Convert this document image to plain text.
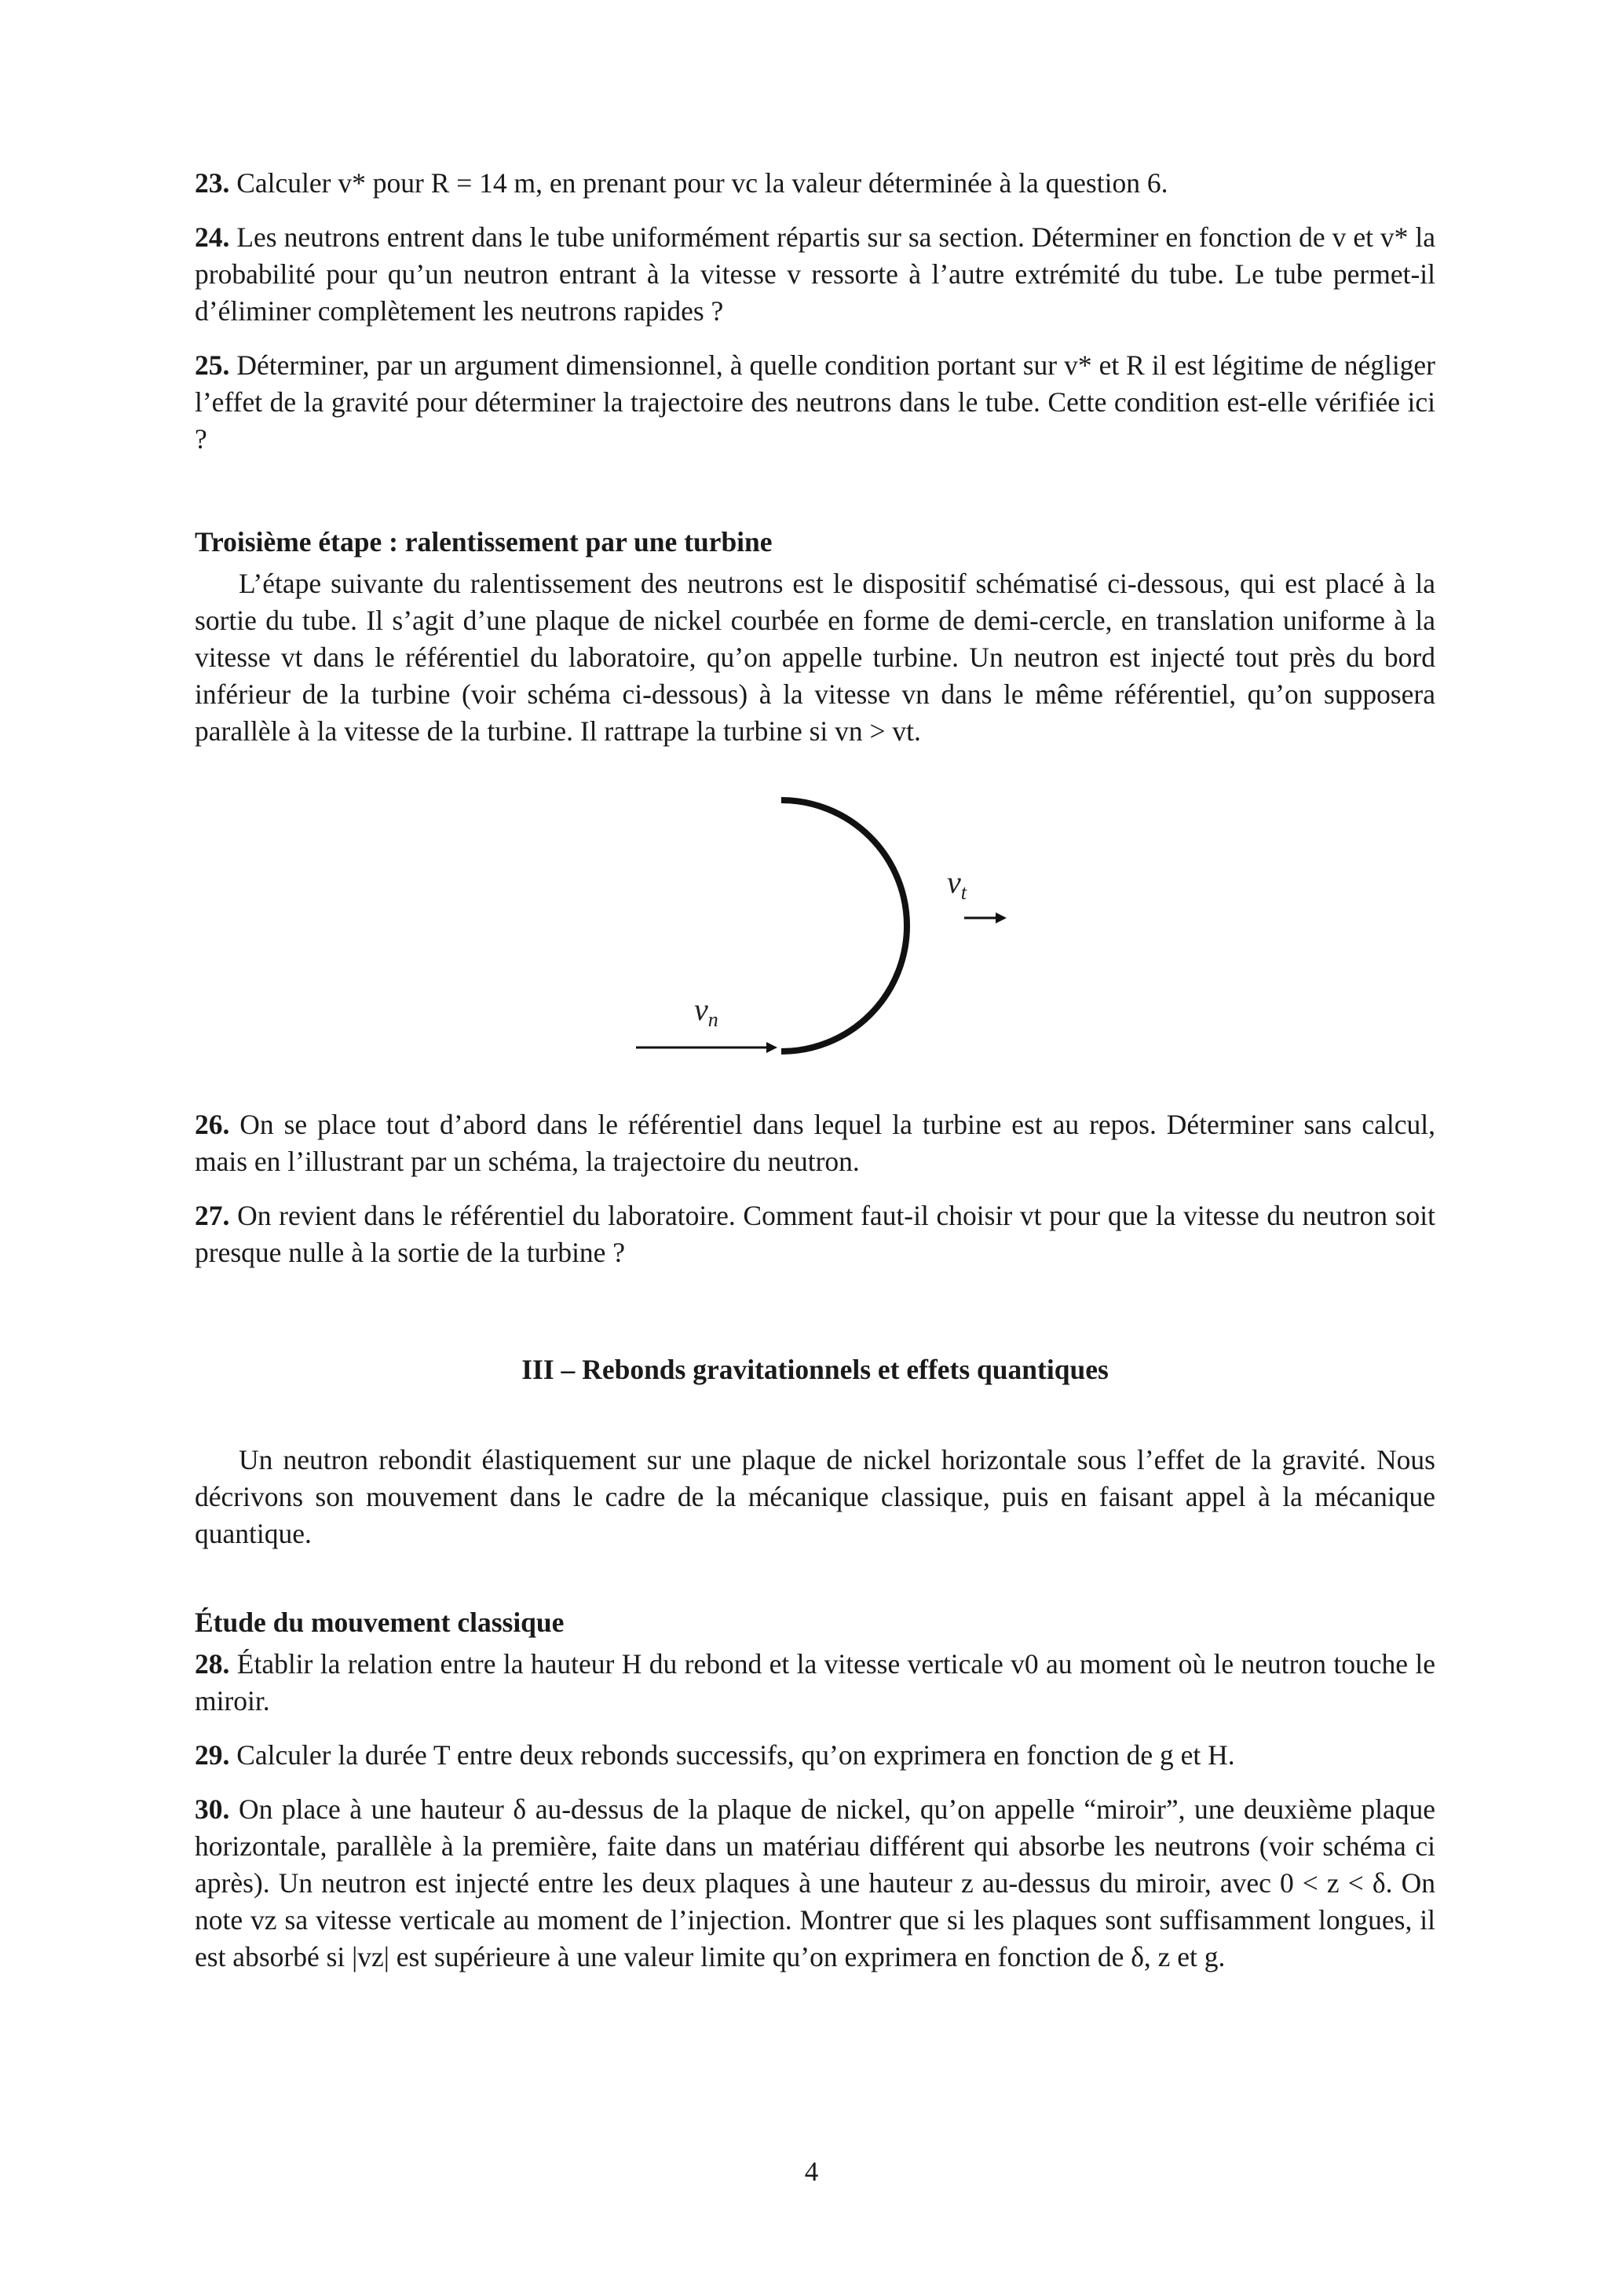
23. Calculer v* pour R = 14 m, en prenant pour vc la valeur déterminée à la question 6.

24. Les neutrons entrent dans le tube uniformément répartis sur sa section. Déterminer en fonction de v et v* la probabilité pour qu’un neutron entrant à la vitesse v ressorte à l’autre extrémité du tube. Le tube permet-il d’éliminer complètement les neutrons rapides ?

25. Déterminer, par un argument dimensionnel, à quelle condition portant sur v* et R il est légitime de négliger l’effet de la gravité pour déterminer la trajectoire des neutrons dans le tube. Cette condition est-elle vérifiée ici ?

Troisième étape : ralentissement par une turbine

L’étape suivante du ralentissement des neutrons est le dispositif schématisé ci-dessous, qui est placé à la sortie du tube. Il s’agit d’une plaque de nickel courbée en forme de demi-cercle, en translation uniforme à la vitesse vt dans le référentiel du laboratoire, qu’on appelle turbine. Un neutron est injecté tout près du bord inférieur de la turbine (voir schéma ci-dessous) à la vitesse vn dans le même référentiel, qu’on supposera parallèle à la vitesse de la turbine. Il rattrape la turbine si vn > vt.

$v_t$
$v_n$

26. On se place tout d’abord dans le référentiel dans lequel la turbine est au repos. Déterminer sans calcul, mais en l’illustrant par un schéma, la trajectoire du neutron.

27. On revient dans le référentiel du laboratoire. Comment faut-il choisir vt pour que la vitesse du neutron soit presque nulle à la sortie de la turbine ?

III – Rebonds gravitationnels et effets quantiques

Un neutron rebondit élastiquement sur une plaque de nickel horizontale sous l’effet de la gravité. Nous décrivons son mouvement dans le cadre de la mécanique classique, puis en faisant appel à la mécanique quantique.

Étude du mouvement classique

28. Établir la relation entre la hauteur H du rebond et la vitesse verticale v0 au moment où le neutron touche le miroir.

29. Calculer la durée T entre deux rebonds successifs, qu’on exprimera en fonction de g et H.

30. On place à une hauteur δ au-dessus de la plaque de nickel, qu’on appelle “miroir”, une deuxième plaque horizontale, parallèle à la première, faite dans un matériau différent qui absorbe les neutrons (voir schéma ci après). Un neutron est injecté entre les deux plaques à une hauteur z au-dessus du miroir, avec 0 < z < δ. On note vz sa vitesse verticale au moment de l’injection. Montrer que si les plaques sont suffisamment longues, il est absorbé si |vz| est supérieure à une valeur limite qu’on exprimera en fonction de δ, z et g.

4
